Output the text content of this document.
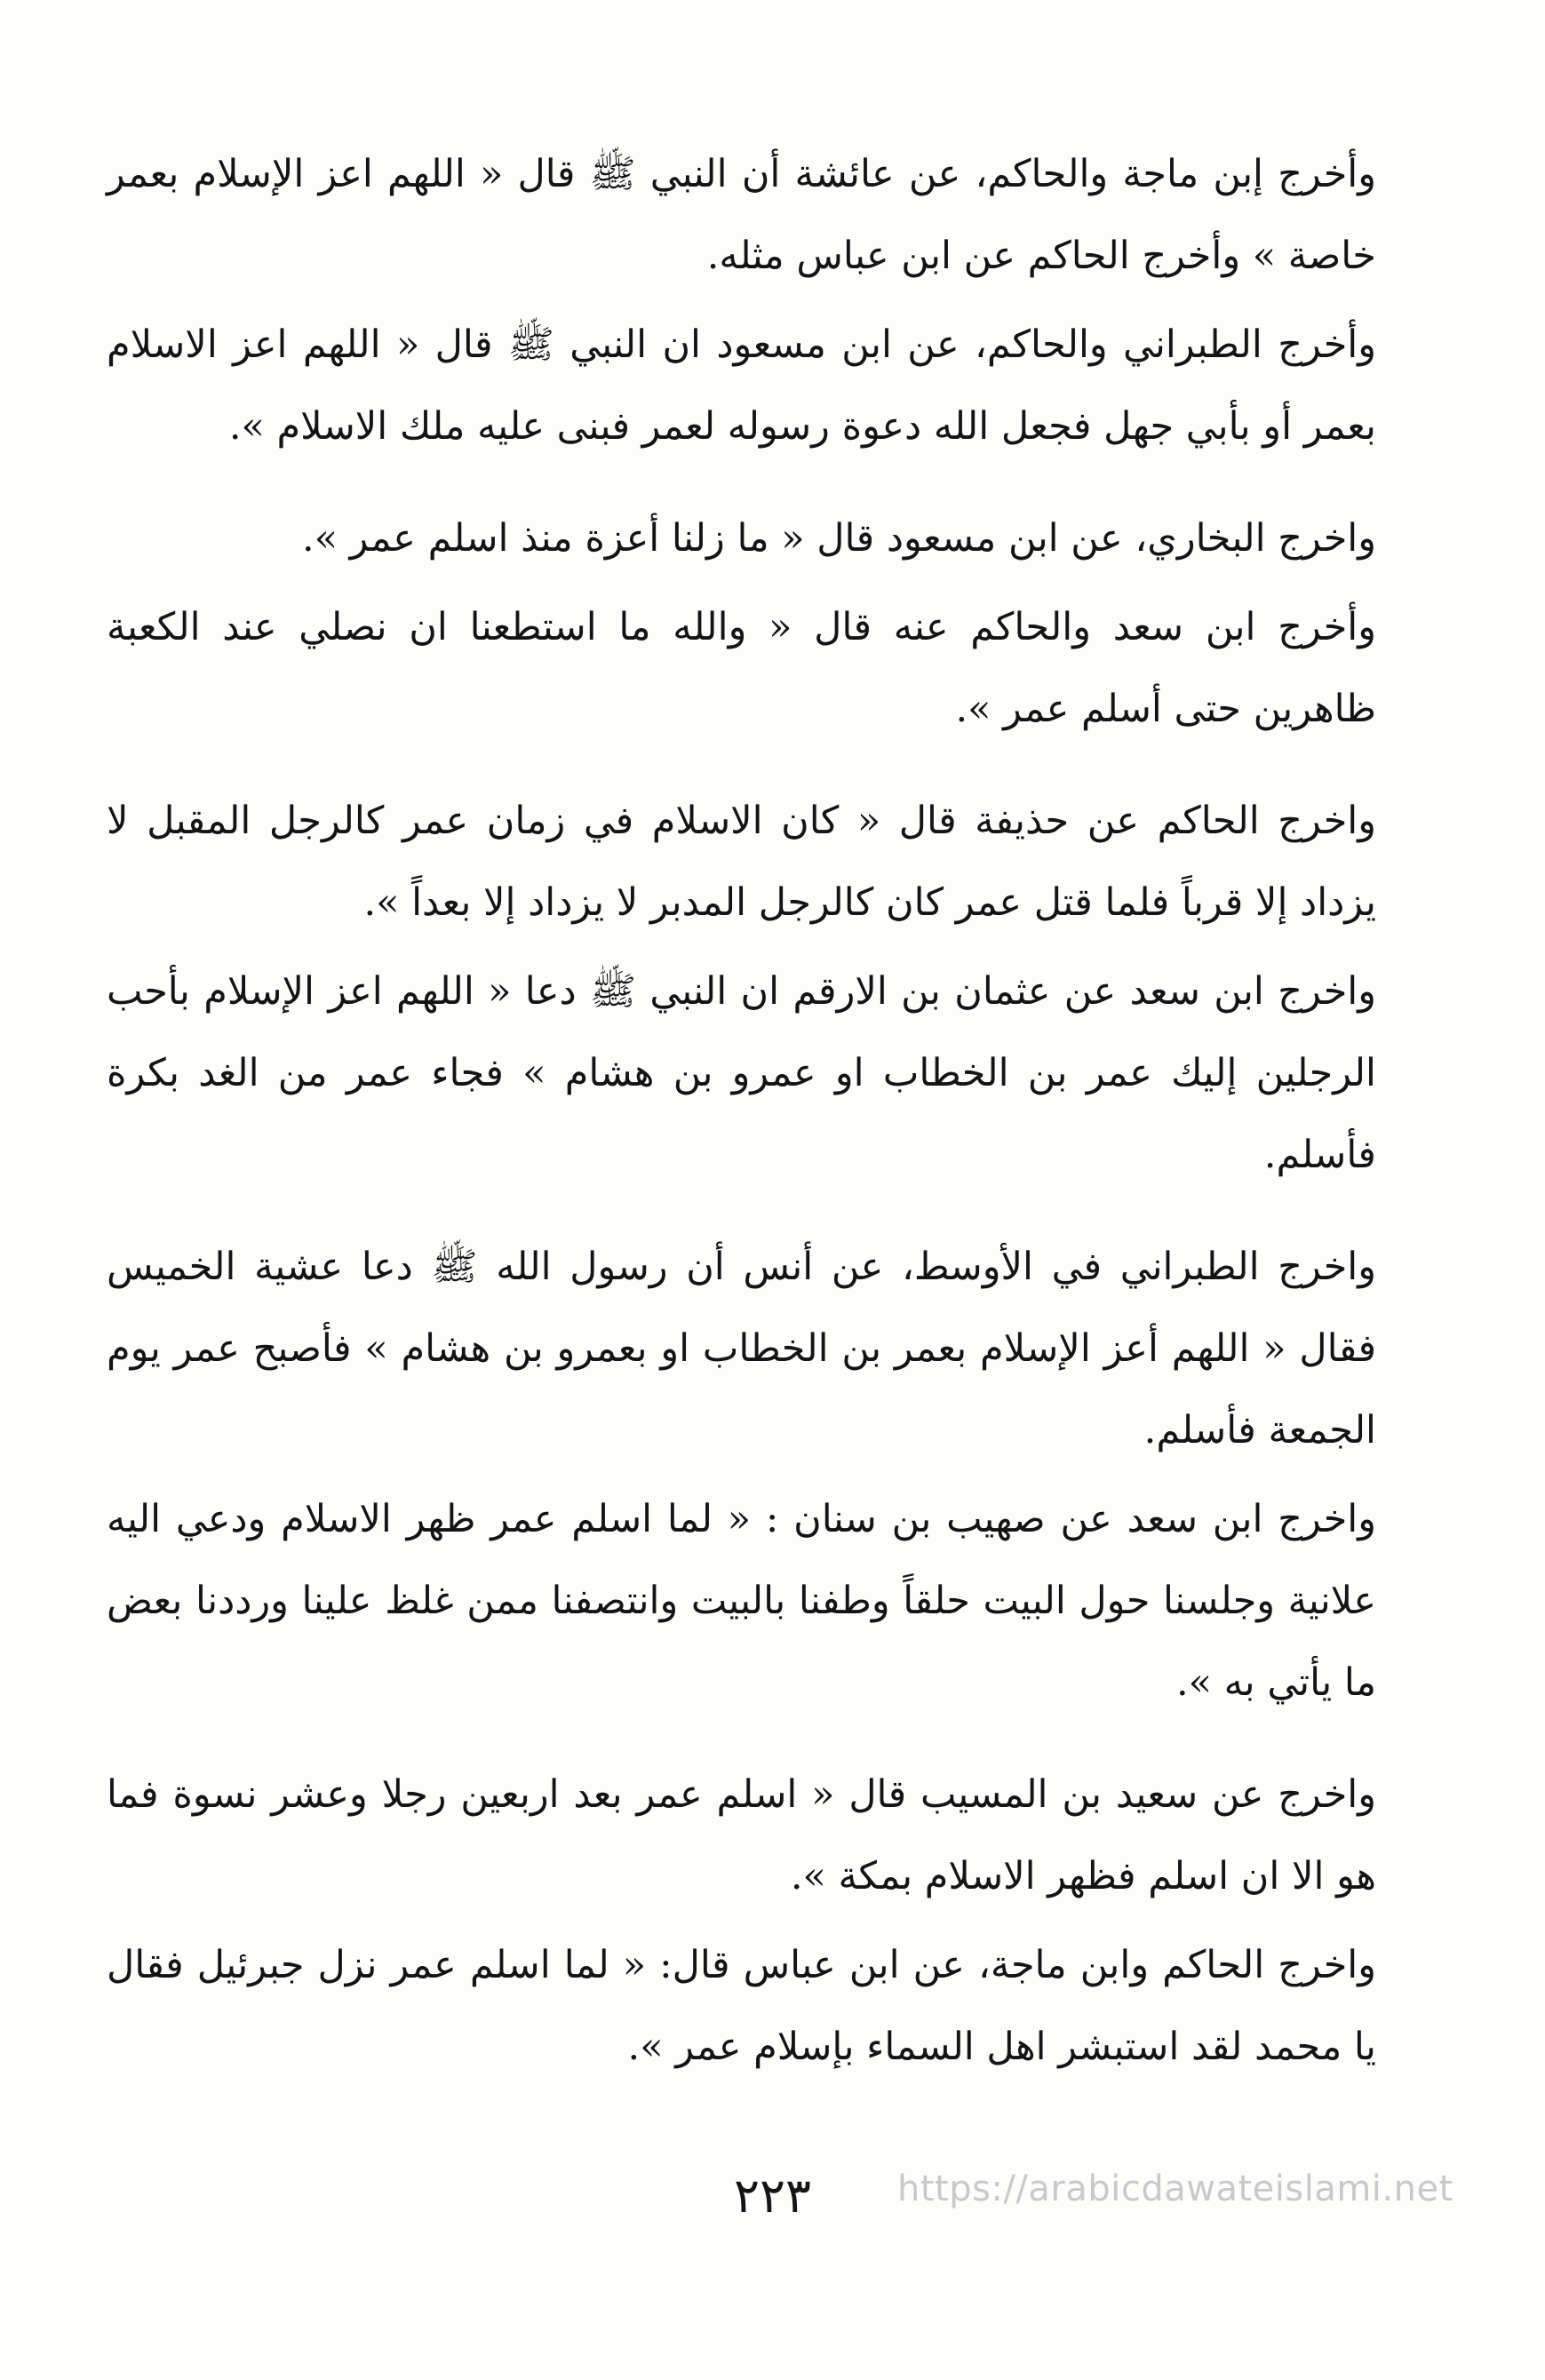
وأخرج إبن ماجة والحاكم، عن عائشة أن النبي ﷺ قال « اللهم اعز الإسلام بعمر خاصة » وأخرج الحاكم عن ابن عباس مثله.

وأخرج الطبراني والحاكم، عن ابن مسعود ان النبي ﷺ قال « اللهم اعز الاسلام بعمر أو بأبي جهل فجعل الله دعوة رسوله لعمر فبنى عليه ملك الاسلام ».

واخرج البخاري، عن ابن مسعود قال « ما زلنا أعزة منذ اسلم عمر ».

وأخرج ابن سعد والحاكم عنه قال « والله ما استطعنا ان نصلي عند الكعبة ظاهرين حتى أسلم عمر ».

واخرج الحاكم عن حذيفة قال « كان الاسلام في زمان عمر كالرجل المقبل لا يزداد إلا قرباً فلما قتل عمر كان كالرجل المدبر لا يزداد إلا بعداً ».

واخرج ابن سعد عن عثمان بن الارقم ان النبي ﷺ دعا « اللهم اعز الإسلام بأحب الرجلين إليك عمر بن الخطاب او عمرو بن هشام » فجاء عمر من الغد بكرة فأسلم.

واخرج الطبراني في الأوسط، عن أنس أن رسول الله ﷺ دعا عشية الخميس فقال « اللهم أعز الإسلام بعمر بن الخطاب او بعمرو بن هشام » فأصبح عمر يوم الجمعة فأسلم.

واخرج ابن سعد عن صهيب بن سنان : « لما اسلم عمر ظهر الاسلام ودعي اليه علانية وجلسنا حول البيت حلقاً وطفنا بالبيت وانتصفنا ممن غلظ علينا ورددنا بعض ما يأتي به ».

واخرج عن سعيد بن المسيب قال « اسلم عمر بعد اربعين رجلا وعشر نسوة فما هو الا ان اسلم فظهر الاسلام بمكة ».

واخرج الحاكم وابن ماجة، عن ابن عباس قال: « لما اسلم عمر نزل جبرئيل فقال يا محمد لقد استبشر اهل السماء بإسلام عمر ».

٢٢٣	https://arabicdawateislami.net
